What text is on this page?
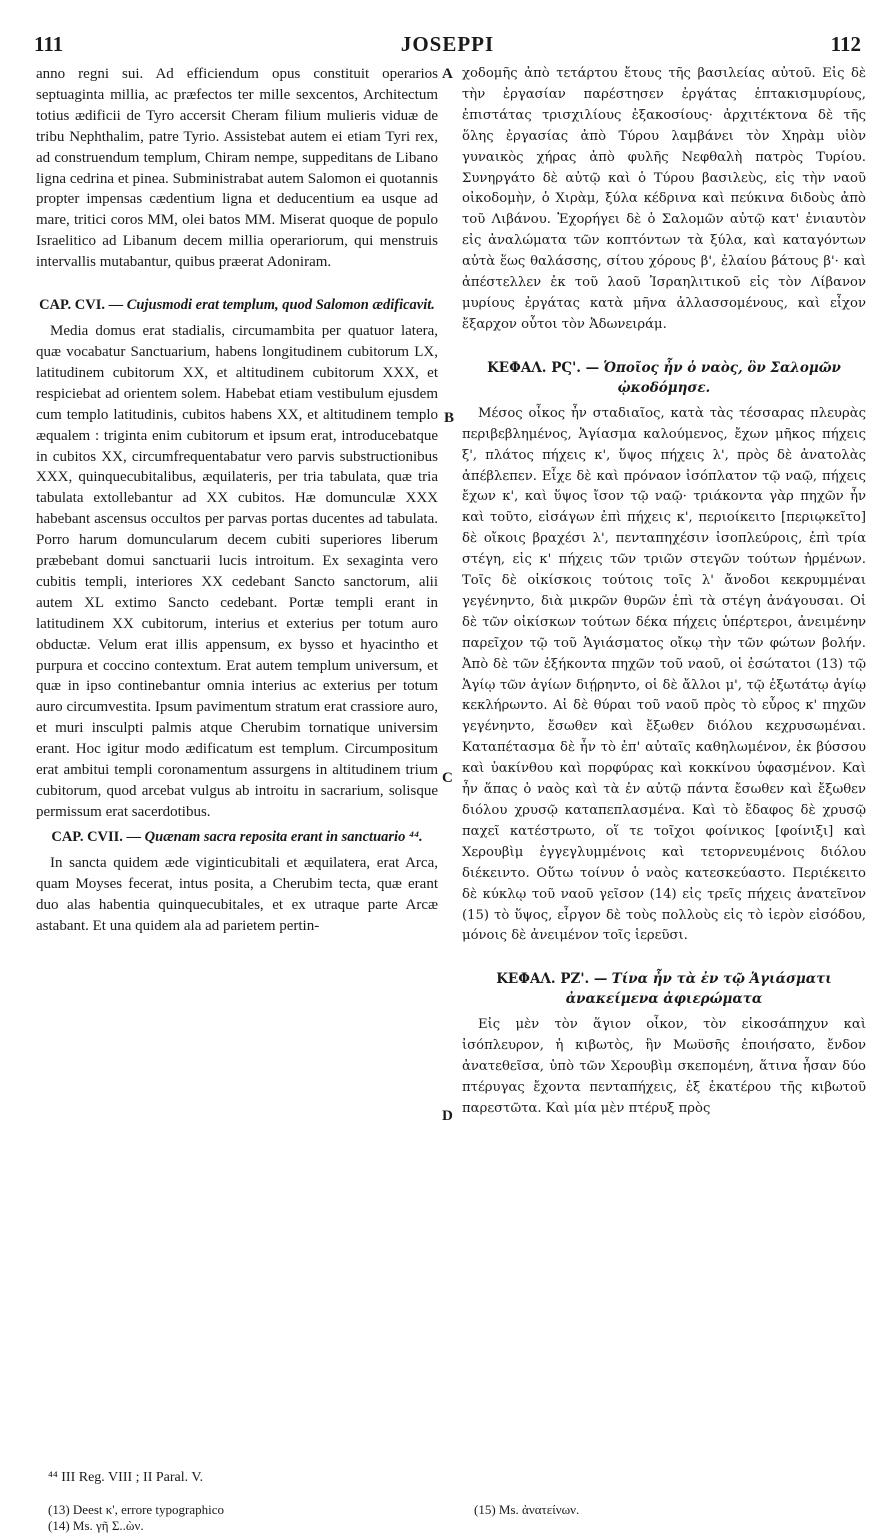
111	JOSEPPI	112

anno regni sui. Ad efficiendum opus constituit operarios septuaginta millia, ac præfectos ter mille sexcentos, Architectum totius ædificii de Tyro accersit Cheram filium mulieris viduæ de tribu Nephthalim, patre Tyrio. Assistebat autem ei etiam Tyri rex, ad construendum templum, Chiram nempe, suppeditans de Libano ligna cedrina et pinea. Subministrabat autem Salomon ei quotannis propter impensas cædentium ligna et deducentium ea usque ad mare, tritici coros MM, olei batos MM. Miserat quoque de populo Israelitico ad Libanum decem millia operariorum, qui menstruis intervallis mutabantur, quibus præerat Adoniram.

CAP. CVI. — Cujusmodi erat templum, quod Salomon ædificavit.

Media domus erat stadialis, circumambita per quatuor latera, quæ vocabatur Sanctuarium, habens longitudinem cubitorum LX, latitudinem cubitorum XX, et altitudinem cubitorum XXX, et respiciebat ad orientem solem. Habebat etiam vestibulum ejusdem cum templo latitudinis, cubitos habens XX, et altitudinem templo æqualem : triginta enim cubitorum et ipsum erat, introducebatque in cubitos XX, circumfrequentabatur vero parvis substructionibus XXX, quinquecubitalibus, æquilateris, per tria tabulata, quæ tria tabulata extollebantur ad XX cubitos. Hæ domunculæ XXX habebant ascensus occultos per parvas portas ducentes ad tabulata. Porro harum domuncularum decem cubiti superiores liberum præbebant domui sanctuarii lucis introitum. Ex sexaginta vero cubitis templi, interiores XX cedebant Sancto sanctorum, alii autem XL extimo Sancto cedebant. Portæ templi erant in latitudinem XX cubitorum, interius et exterius per totum auro obductæ. Velum erat illis appensum, ex bysso et hyacintho et purpura et coccino contextum. Erat autem templum universum, et quæ in ipso continebantur omnia interius ac exterius per totum auro circumvestita. Ipsum pavimentum stratum erat crassiore auro, et muri insculpti palmis atque Cherubim tornatique universim erant. Hoc igitur modo ædificatum est templum. Circumpositum erat ambitui templi coronamentum assurgens in altitudinem trium cubitorum, quod arcebat vulgus ab introitu in sacrarium, solisque permissum erat sacerdotibus.

CAP. CVII. — Quænam sacra reposita erant in sanctuario ⁴⁴.

In sancta quidem æde viginticubitali et æquilatera, erat Arca, quam Moyses fecerat, intus posita, a Cherubim tecta, quæ erant duo alas habentia quinquecubitales, et ex utraque parte Arcæ astabant. Et una quidem ala ad parietem pertin-

A
B
C
D

χοδομῆς ἀπὸ τετάρτου ἔτους τῆς βασιλείας αὐτοῦ. Εἰς δὲ τὴν ἐργασίαν παρέστησεν ἐργάτας ἑπτακισμυρίους, ἐπιστάτας τρισχιλίους ἑξακοσίους· ἀρχιτέκτονα δὲ τῆς ὅλης ἐργασίας ἀπὸ Τύρου λαμβάνει τὸν Χηρὰμ υἱὸν γυναικὸς χήρας ἀπὸ φυλῆς Νεφθαλὴ πατρὸς Τυρίου. Συνηργάτο δὲ αὐτῷ καὶ ὁ Τύρου βασιλεὺς, εἰς τὴν ναοῦ οἰκοδομὴν, ὁ Χιρὰμ, ξύλα κέδρινα καὶ πεύκινα διδοὺς ἀπὸ τοῦ Λιβάνου. Ἐχορήγει δὲ ὁ Σαλομῶν αὐτῷ κατ' ἐνιαυτὸν εἰς ἀναλώματα τῶν κοπτόντων τὰ ξύλα, καὶ καταγόντων αὐτὰ ἕως θαλάσσης, σίτου χόρους β', ἐλαίου βάτους β'· καὶ ἀπέστελλεν ἐκ τοῦ λαοῦ Ἰσραηλιτικοῦ εἰς τὸν Λίβανον μυρίους ἐργάτας κατὰ μῆνα ἀλλασσομένους, καὶ εἶχον ἔξαρχον οὗτοι τὸν Ἀδωνειράμ.

ΚΕΦΑΛ. ΡϚ'. — Ὁποῖος ἦν ὁ ναὸς, ὃν Σαλομῶν ᾠκοδόμησε.

Μέσος οἶκος ἦν σταδιαῖος, κατὰ τὰς τέσσαρας πλευρὰς περιβεβλημένος, Ἁγίασμα καλούμενος, ἔχων μῆκος πήχεις ξ', πλάτος πήχεις κ', ὕψος πήχεις λ', πρὸς δὲ ἀνατολὰς ἀπέβλεπεν. Εἶχε δὲ καὶ πρόναον ἰσόπλατον τῷ ναῷ, πήχεις ἔχων κ', καὶ ὕψος ἴσον τῷ ναῷ· τριάκοντα γὰρ πηχῶν ἦν καὶ τοῦτο, εἰσάγων ἐπὶ πήχεις κ', περιοίκειτο [περιῳκεῖτο] δὲ οἴκοις βραχέσι λ', πενταπηχέσιν ἰσοπλεύροις, ἐπὶ τρία στέγη, εἰς κ' πήχεις τῶν τριῶν στεγῶν τούτων ἠρμένων. Τοῖς δὲ οἰκίσκοις τούτοις τοῖς λ' ἄνοδοι κεκρυμμέναι γεγένηντο, διὰ μικρῶν θυρῶν ἐπὶ τὰ στέγη ἀνάγουσαι. Οἱ δὲ τῶν οἰκίσκων τούτων δέκα πήχεις ὑπέρτεροι, ἀνειμένην παρεῖχον τῷ τοῦ Ἁγιάσματος οἴκῳ τὴν τῶν φώτων βολήν. Ἀπὸ δὲ τῶν ἑξήκοντα πηχῶν τοῦ ναοῦ, οἱ ἐσώτατοι (13) τῷ Ἁγίῳ τῶν ἁγίων διῄρηντο, οἱ δὲ ἄλλοι μ', τῷ ἐξωτάτῳ ἁγίῳ κεκλήρωντο. Αἱ δὲ θύραι τοῦ ναοῦ πρὸς τὸ εὖρος κ' πηχῶν γεγένηντο, ἔσωθεν καὶ ἔξωθεν διόλου κεχρυσωμέναι. Καταπέτασμα δὲ ἦν τὸ ἐπ' αὐταῖς καθηλωμένον, ἐκ βύσσου καὶ ὑακίνθου καὶ πορφύρας καὶ κοκκίνου ὑφασμένον. Καὶ ἦν ἅπας ὁ ναὸς καὶ τὰ ἐν αὐτῷ πάντα ἔσωθεν καὶ ἔξωθεν διόλου χρυσῷ καταπεπλασμένα. Καὶ τὸ ἔδαφος δὲ χρυσῷ παχεῖ κατέστρωτο, οἵ τε τοῖχοι φοίνικος [φοίνιξι] καὶ Χερουβὶμ ἐγγεγλυμμένοις καὶ τετορνευμένοις διόλου διέκειντο. Οὕτω τοίνυν ὁ ναὸς κατεσκεύαστο. Περιέκειτο δὲ κύκλῳ τοῦ ναοῦ γεῖσον (14) εἰς τρεῖς πήχεις ἀνατεῖνον (15) τὸ ὕψος, εἶργον δὲ τοὺς πολλοὺς εἰς τὸ ἱερὸν εἰσόδου, μόνοις δὲ ἀνειμένον τοῖς ἱερεῦσι.

ΚΕΦΑΛ. ΡΖ'. — Τίνα ἦν τὰ ἐν τῷ Ἁγιάσματι ἀνακείμενα ἀφιερώματα

Εἰς μὲν τὸν ἅγιον οἶκον, τὸν εἰκοσάπηχυν καὶ ἰσόπλευρον, ἡ κιβωτὸς, ἣν Μωϋσῆς ἐποιήσατο, ἔνδον ἀνατεθεῖσα, ὑπὸ τῶν Χερουβὶμ σκεπομένη, ἅτινα ἦσαν δύο πτέρυγας ἔχοντα πενταπήχεις, ἐξ ἑκατέρου τῆς κιβωτοῦ παρεστῶτα. Καὶ μία μὲν πτέρυξ πρὸς

⁴⁴ III Reg. VIII ; II Paral. V.
(13) Deest κ', errore typographico
(14) Ms. γῆ Σ..ὼν.
(15) Ms. ἀνατείνων.
